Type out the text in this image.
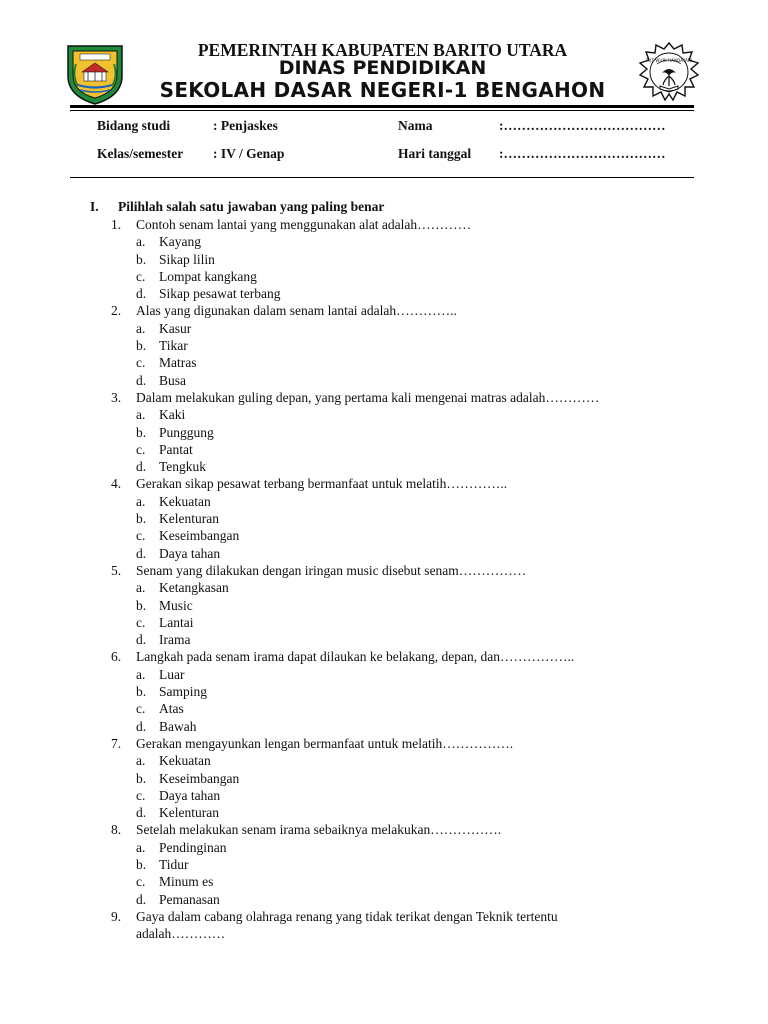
PEMERINTAH KABUPATEN BARITO UTARA
DINAS PENDIDIKAN
SEKOLAH DASAR NEGERI-1 BENGAHON
TUT WURI HANDAYANI
Bidang studi	: Penjaskes	Nama	:………………………………
Kelas/semester : IV / Genap	Hari tanggal :………………………………
I. Pilihlah salah satu jawaban yang paling benar
1.	Contoh senam lantai yang menggunakan alat adalah…………
a.	Kayang
b. Sikap lilin
c.	Lompat kangkang
d. Sikap pesawat terbang
2.	Alas yang digunakan dalam senam lantai adalah…………..
a.	Kasur
b. Tikar
c.	Matras
d. Busa
3.	Dalam melakukan guling depan, yang pertama kali mengenai matras adalah…………
a.	Kaki
b. Punggung
c.	Pantat
d. Tengkuk
4.	Gerakan sikap pesawat terbang bermanfaat untuk melatih…………..
a.	Kekuatan
b. Kelenturan
c.	Keseimbangan
d. Daya tahan
5.	Senam yang dilakukan dengan iringan music disebut senam……………
a.	Ketangkasan
b. Music
c.	Lantai
d. Irama
6.	Langkah pada senam irama dapat dilaukan ke belakang, depan, dan……………..
a.	Luar
b. Samping
c.	Atas
d. Bawah
7.	Gerakan mengayunkan lengan bermanfaat untuk melatih…………….
a.	Kekuatan
b. Keseimbangan
c.	Daya tahan
d. Kelenturan
8.	Setelah melakukan senam irama sebaiknya melakukan…………….
a.	Pendinginan
b. Tidur
c.	Minum es
d. Pemanasan
9.	Gaya dalam cabang olahraga renang yang tidak terikat dengan Teknik tertentu adalah…………
